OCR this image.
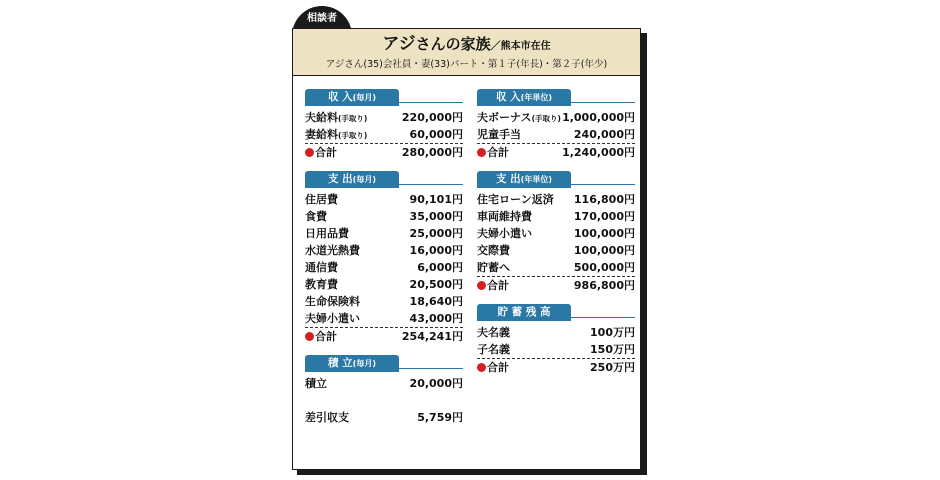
相談者
アジさんの家族／熊本市在住
アジさん(35)会社員・妻(33)パート・第１子(年長)・第２子(年少)
収 入(毎月)
夫給料(手取り)	220,000円
妻給料(手取り)	60,000円
合計	280,000円
支 出(毎月)
住居費	90,101円
食費	35,000円
日用品費	25,000円
水道光熱費	16,000円
通信費	6,000円
教育費	20,500円
生命保険料	18,640円
夫婦小遣い	43,000円
合計	254,241円
積 立(毎月)
積立	20,000円
差引収支	5,759円
収 入(年単位)
夫ボーナス(手取り) 1,000,000円
児童手当	240,000円
合計	1,240,000円
支 出(年単位)
住宅ローン返済 116,800円
車両維持費	170,000円
夫婦小遣い	100,000円
交際費	100,000円
貯蓄へ	500,000円
合計	986,800円
貯 蓄 残 高
夫名義	100万円
子名義	150万円
合計	250万円
